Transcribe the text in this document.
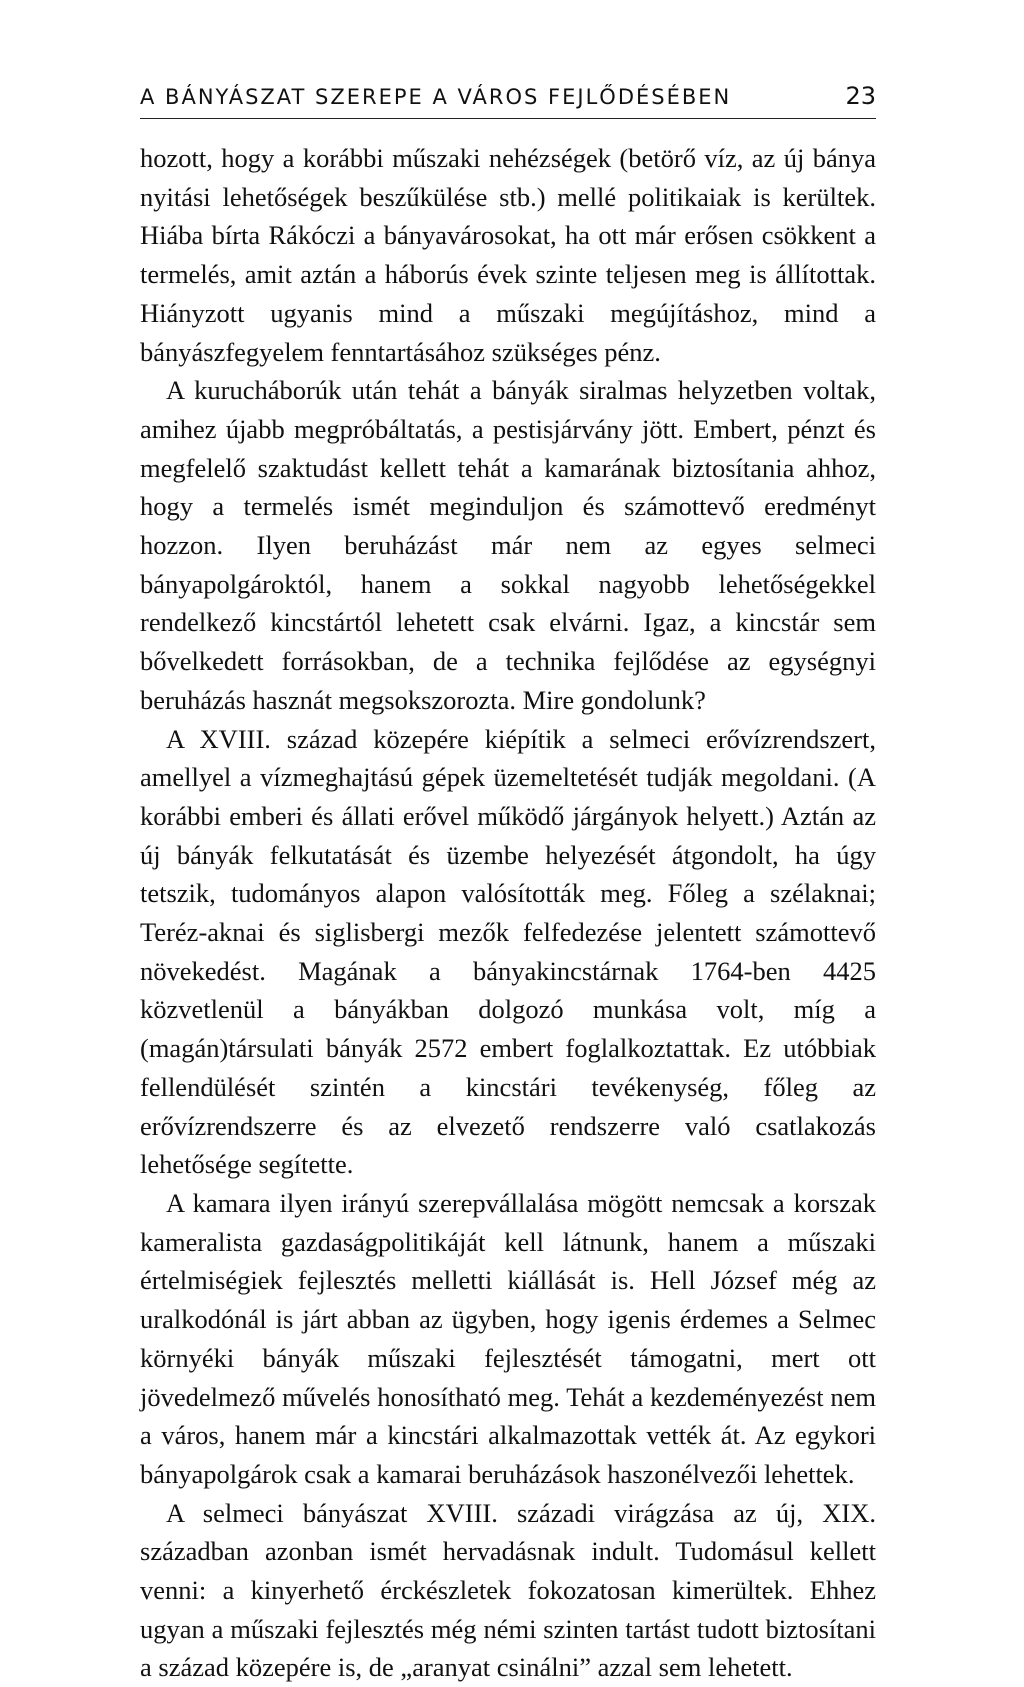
A BÁNYÁSZAT SZEREPE A VÁROS FEJLŐDÉSÉBEN	23

hozott, hogy a korábbi műszaki nehézségek (betörő víz, az új bánya nyitási lehetőségek beszűkülése stb.) mellé politikaiak is kerültek. Hiába bírta Rákóczi a bányavárosokat, ha ott már erősen csökkent a termelés, amit aztán a háborús évek szinte teljesen meg is állítottak. Hiányzott ugyanis mind a műszaki megújításhoz, mind a bányászfegyelem fenntartásához szükséges pénz.

A kurucháborúk után tehát a bányák siralmas helyzetben voltak, amihez újabb megpróbáltatás, a pestisjárvány jött. Embert, pénzt és megfelelő szaktudást kellett tehát a kamarának biztosítania ahhoz, hogy a termelés ismét meginduljon és számottevő eredményt hozzon. Ilyen beruházást már nem az egyes selmeci bányapolgároktól, hanem a sokkal nagyobb lehetőségekkel rendelkező kincstártól lehetett csak elvárni. Igaz, a kincstár sem bővelkedett forrásokban, de a technika fejlődése az egységnyi beruházás hasznát megsokszorozta. Mire gondolunk?

A XVIII. század közepére kiépítik a selmeci erővízrendszert, amellyel a vízmeghajtású gépek üzemeltetését tudják megoldani. (A korábbi emberi és állati erővel működő járgányok helyett.) Aztán az új bányák felkutatását és üzembe helyezését átgondolt, ha úgy tetszik, tudományos alapon valósították meg. Főleg a szélaknai; Teréz-aknai és siglisbergi mezők felfedezése jelentett számottevő növekedést. Magának a bányakincstárnak 1764-ben 4425 közvetlenül a bányákban dolgozó munkása volt, míg a (magán)társulati bányák 2572 embert foglalkoztattak. Ez utóbbiak fellendülését szintén a kincstári tevékenység, főleg az erővízrendszerre és az elvezető rendszerre való csatlakozás lehetősége segítette.

A kamara ilyen irányú szerepvállalása mögött nemcsak a korszak kameralista gazdaságpolitikáját kell látnunk, hanem a műszaki értelmiségiek fejlesztés melletti kiállását is. Hell József még az uralkodónál is járt abban az ügyben, hogy igenis érdemes a Selmec környéki bányák műszaki fejlesztését támogatni, mert ott jövedelmező művelés honosítható meg. Tehát a kezdeményezést nem a város, hanem már a kincstári alkalmazottak vették át. Az egykori bányapolgárok csak a kamarai beruházások haszonélvezői lehettek.

A selmeci bányászat XVIII. századi virágzása az új, XIX. században azonban ismét hervadásnak indult. Tudomásul kellett venni: a kinyerhető érckészletek fokozatosan kimerültek. Ehhez ugyan a műszaki fejlesztés még némi szinten tartást tudott biztosítani a század közepére is, de „aranyat csinálni” azzal sem lehetett.
